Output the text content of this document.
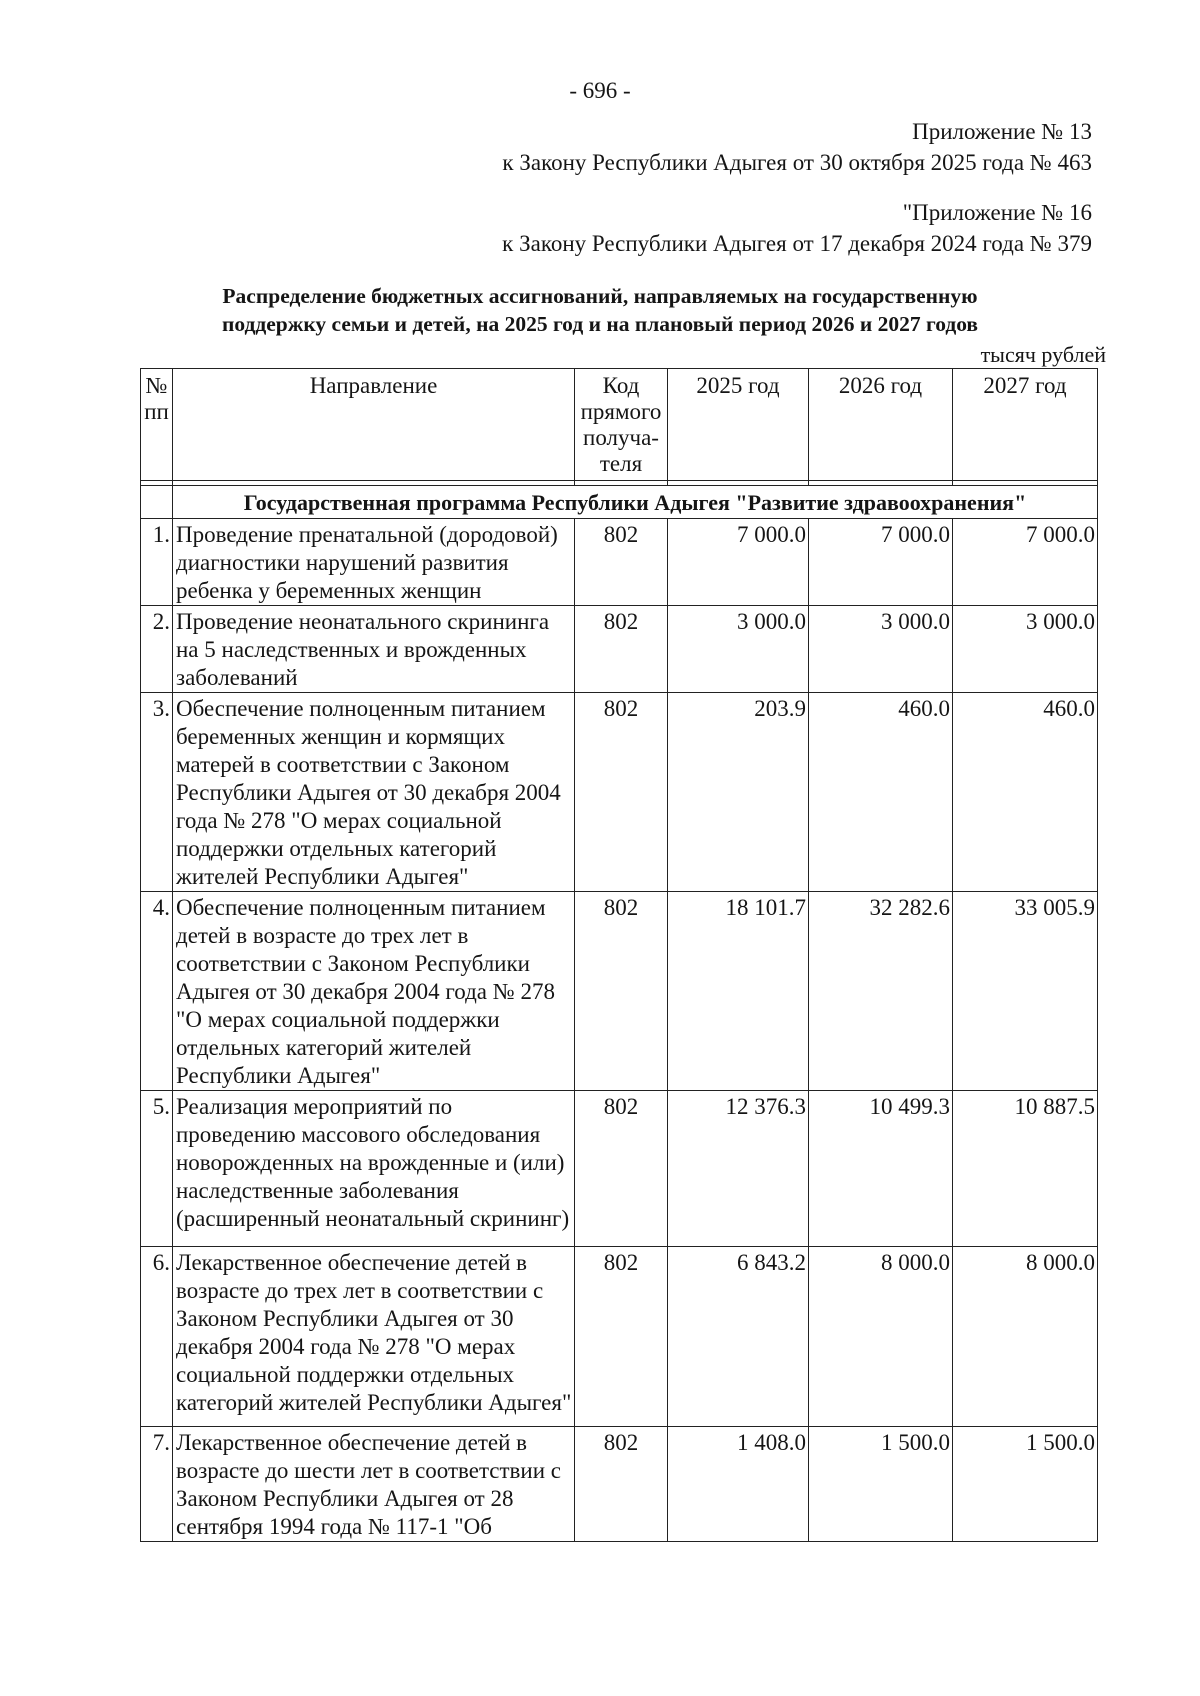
- 696 -
Приложение № 13
к Закону Республики Адыгея от 30 октября 2025 года № 463
"Приложение № 16
к Закону Республики Адыгея от 17 декабря 2024 года № 379
Распределение бюджетных ассигнований, направляемых на государственную
поддержку семьи и детей, на 2025 год и на плановый период 2026 и 2027 годов
тысяч рублей
№ пп	Направление	Код прямого получа-теля	2025 год	2026 год	2027 год

	Государственная программа Республики Адыгея "Развитие здравоохранения"				
1.	Проведение пренатальной (дородовой) диагностики нарушений развития ребенка у беременных женщин	802	7 000.0	7 000.0	7 000.0
2.	Проведение неонатального скрининга на 5 наследственных и врожденных заболеваний	802	3 000.0	3 000.0	3 000.0
3.	Обеспечение полноценным питанием беременных женщин и кормящих матерей в соответствии с Законом Республики Адыгея от 30 декабря 2004 года № 278 "О мерах социальной поддержки отдельных категорий жителей Республики Адыгея"	802	203.9	460.0	460.0
4.	Обеспечение полноценным питанием детей в возрасте до трех лет в соответствии с Законом Республики Адыгея от 30 декабря 2004 года № 278 "О мерах социальной поддержки отдельных категорий жителей Республики Адыгея"	802	18 101.7	32 282.6	33 005.9
5.	Реализация мероприятий по проведению массового обследования новорожденных на врожденные и (или) наследственные заболевания (расширенный неонатальный скрининг)	802	12 376.3	10 499.3	10 887.5
6.	Лекарственное обеспечение детей в возрасте до трех лет в соответствии с Законом Республики Адыгея от 30 декабря 2004 года № 278 "О мерах социальной поддержки отдельных категорий жителей Республики Адыгея"	802	6 843.2	8 000.0	8 000.0
7.	Лекарственное обеспечение детей в возрасте до шести лет в соответствии с Законом Республики Адыгея от 28 сентября 1994 года № 117-1 "Об	802	1 408.0	1 500.0	1 500.0
